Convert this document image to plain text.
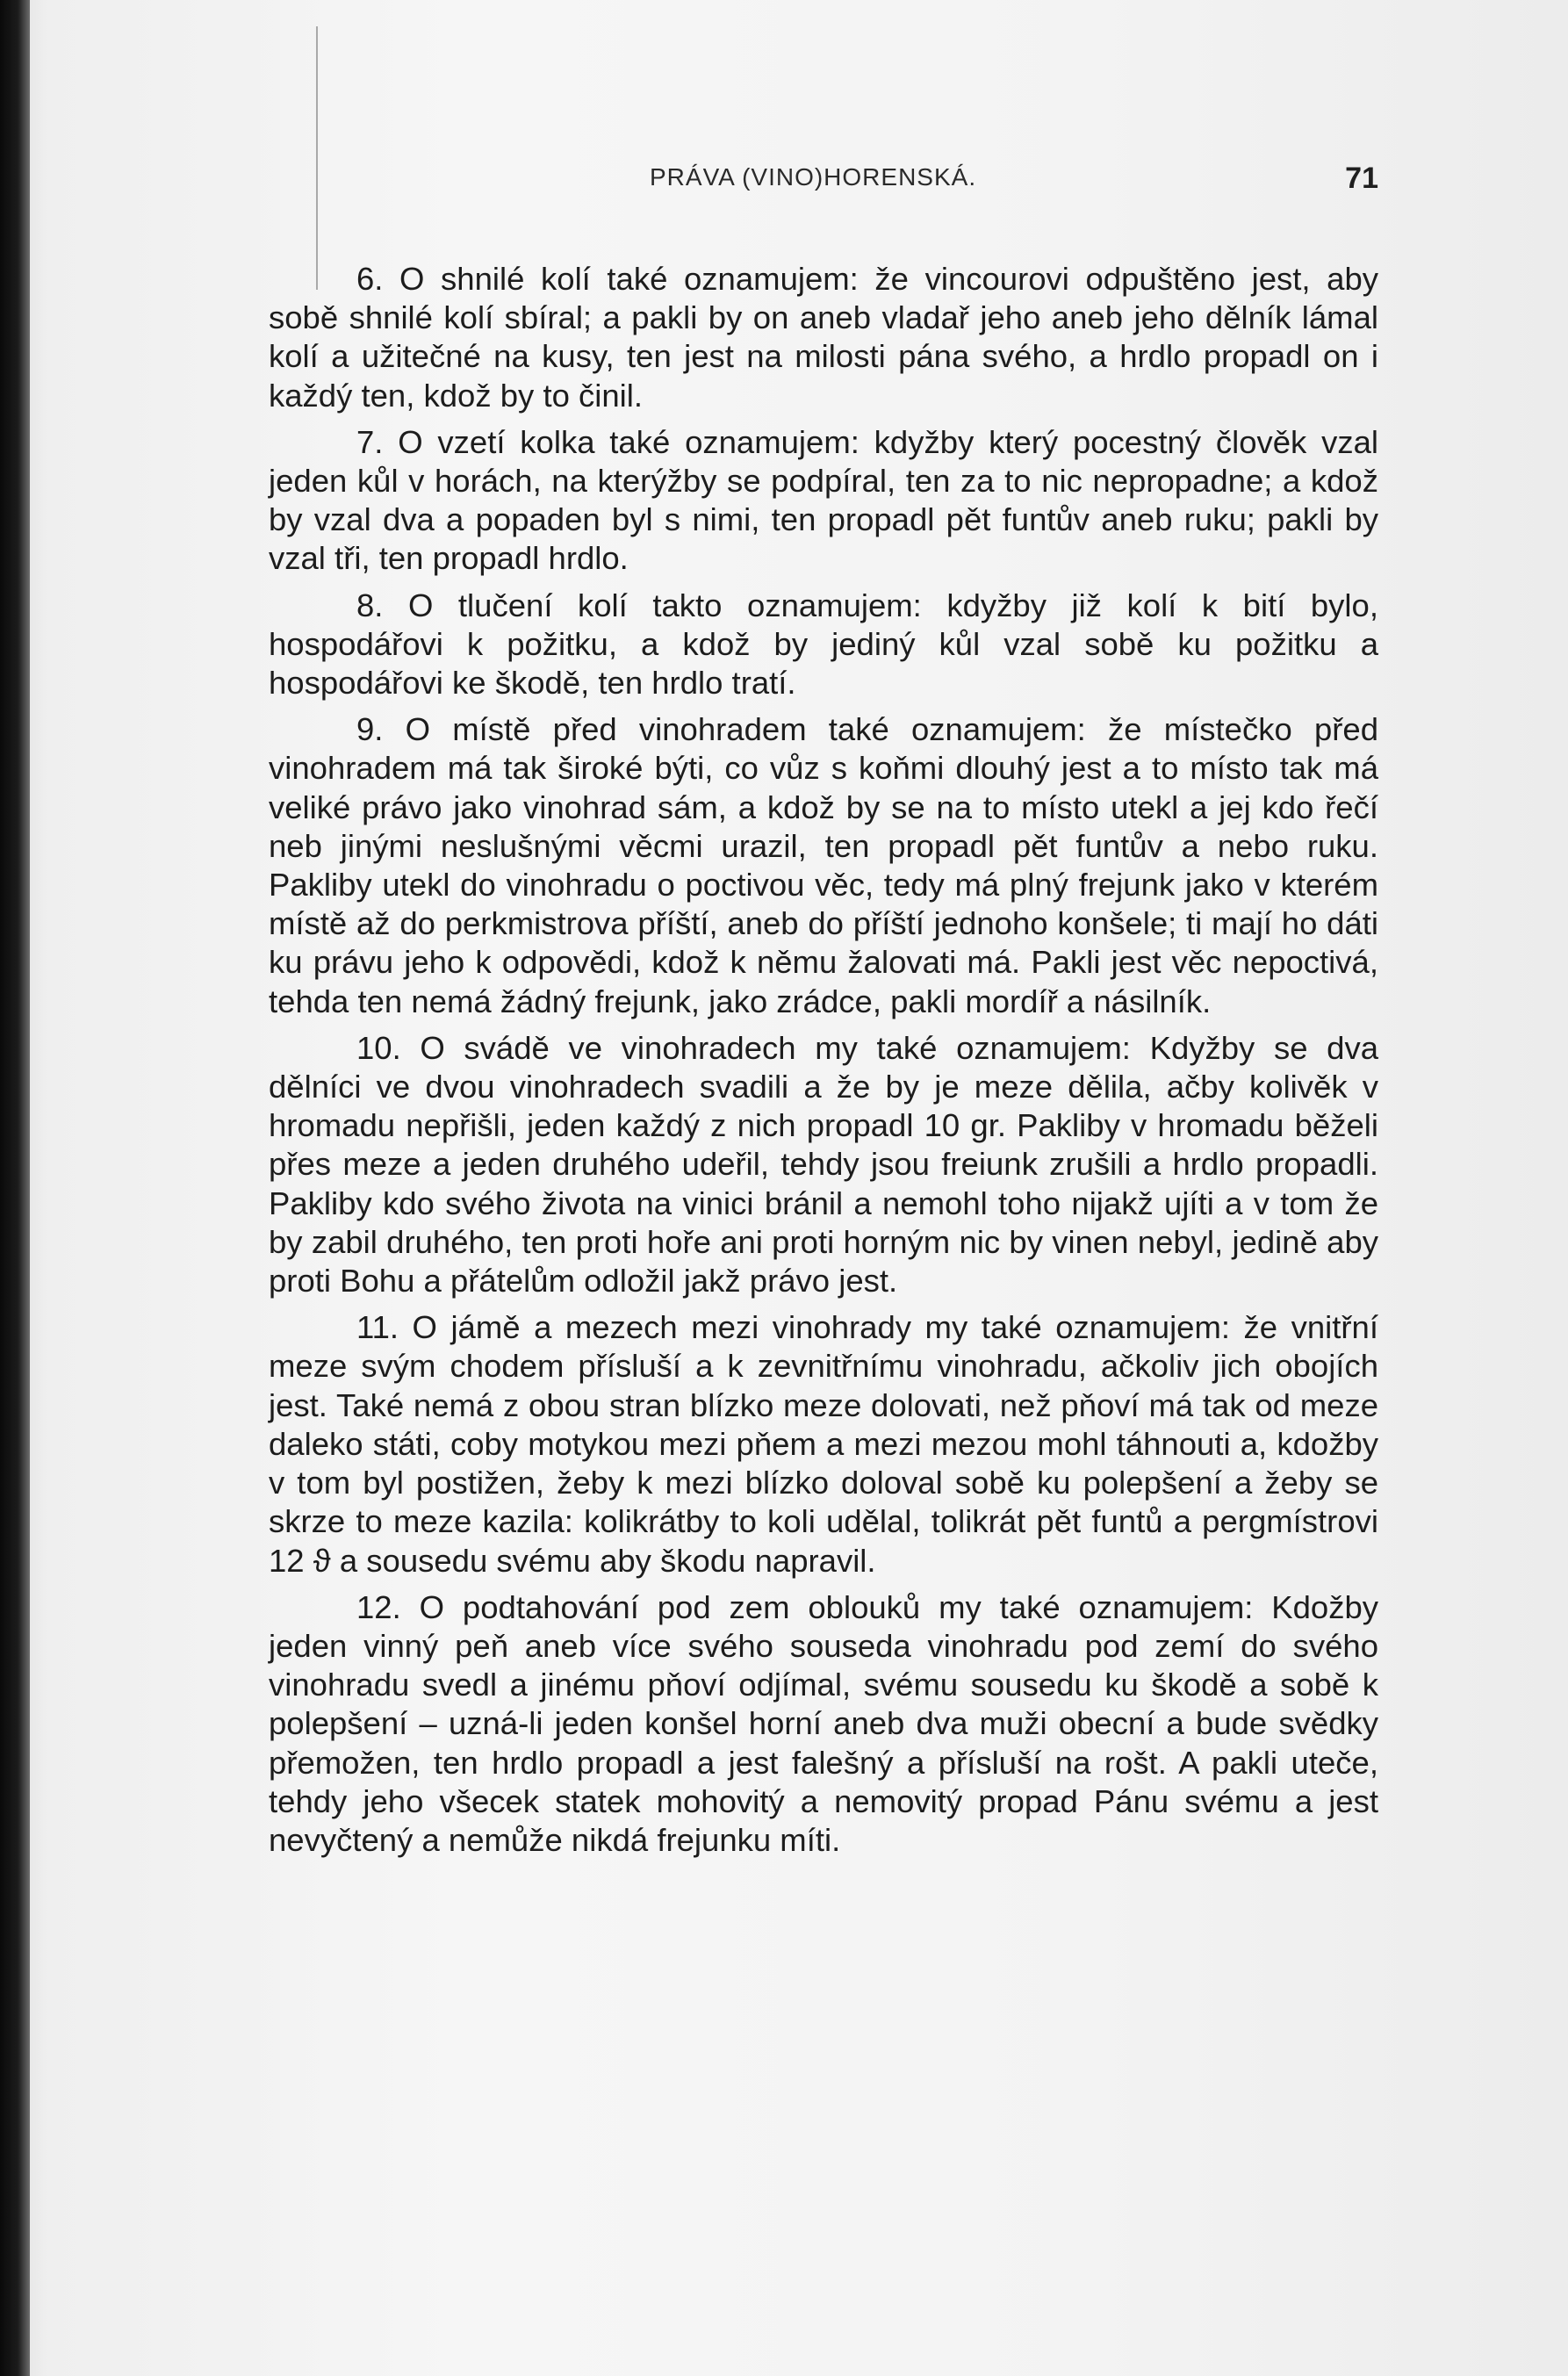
PRÁVA (VINO)HORENSKÁ.	71

6. O shnilé kolí také oznamujem: že vincourovi odpuštěno jest, aby sobě shnilé kolí sbíral; a pakli by on aneb vladař jeho aneb jeho dělník lámal kolí a užitečné na kusy, ten jest na milosti pána svého, a hrdlo propadl on i každý ten, kdož by to činil.

7. O vzetí kolka také oznamujem: kdyžby který pocestný člověk vzal jeden kůl v horách, na kterýžby se podpíral, ten za to nic nepropadne; a kdož by vzal dva a popaden byl s nimi, ten propadl pět funtův aneb ruku; pakli by vzal tři, ten propadl hrdlo.

8. O tlučení kolí takto oznamujem: kdyžby již kolí k bití bylo, hospodářovi k požitku, a kdož by jediný kůl vzal sobě ku požitku a hospodářovi ke škodě, ten hrdlo tratí.

9. O místě před vinohradem také oznamujem: že místečko před vinohradem má tak široké býti, co vůz s koňmi dlouhý jest a to místo tak má veliké právo jako vinohrad sám, a kdož by se na to místo utekl a jej kdo řečí neb jinými neslušnými věcmi urazil, ten propadl pět funtův a nebo ruku. Pakliby utekl do vinohradu o poctivou věc, tedy má plný frejunk jako v kterém místě až do perkmistrova příští, aneb do příští jednoho konšele; ti mají ho dáti ku právu jeho k odpovědi, kdož k němu žalovati má. Pakli jest věc nepoctivá, tehda ten nemá žádný frejunk, jako zrádce, pakli mordíř a násilník.

10. O svádě ve vinohradech my také oznamujem: Kdyžby se dva dělníci ve dvou vinohradech svadili a že by je meze dělila, ačby kolivěk v hromadu nepřišli, jeden každý z nich propadl 10 gr. Pakliby v hromadu běželi přes meze a jeden druhého udeřil, tehdy jsou freiunk zrušili a hrdlo propadli. Pakliby kdo svého života na vinici bránil a nemohl toho nijakž ujíti a v tom že by zabil druhého, ten proti hoře ani proti horným nic by vinen nebyl, jedině aby proti Bohu a přátelům odložil jakž právo jest.

11. O jámě a mezech mezi vinohrady my také oznamujem: že vnitřní meze svým chodem přísluší a k zevnitřnímu vinohradu, ačkoliv jich obojích jest. Také nemá z obou stran blízko meze dolovati, než pňoví má tak od meze daleko státi, coby motykou mezi pňem a mezi mezou mohl táhnouti a, kdožby v tom byl postižen, žeby k mezi blízko doloval sobě ku polepšení a žeby se skrze to meze kazila: kolikrátby to koli udělal, tolikrát pět funtů a pergmístrovi 12 ϑ a sousedu svému aby škodu napravil.

12. O podtahování pod zem oblouků my také oznamujem: Kdožby jeden vinný peň aneb více svého souseda vinohradu pod zemí do svého vinohradu svedl a jinému pňoví odjímal, svému sousedu ku škodě a sobě k polepšení – uzná-li jeden konšel horní aneb dva muži obecní a bude svědky přemožen, ten hrdlo propadl a jest falešný a přísluší na rošt. A pakli uteče, tehdy jeho všecek statek mohovitý a nemovitý propad Pánu svému a jest nevyčtený a nemůže nikdá frejunku míti.
